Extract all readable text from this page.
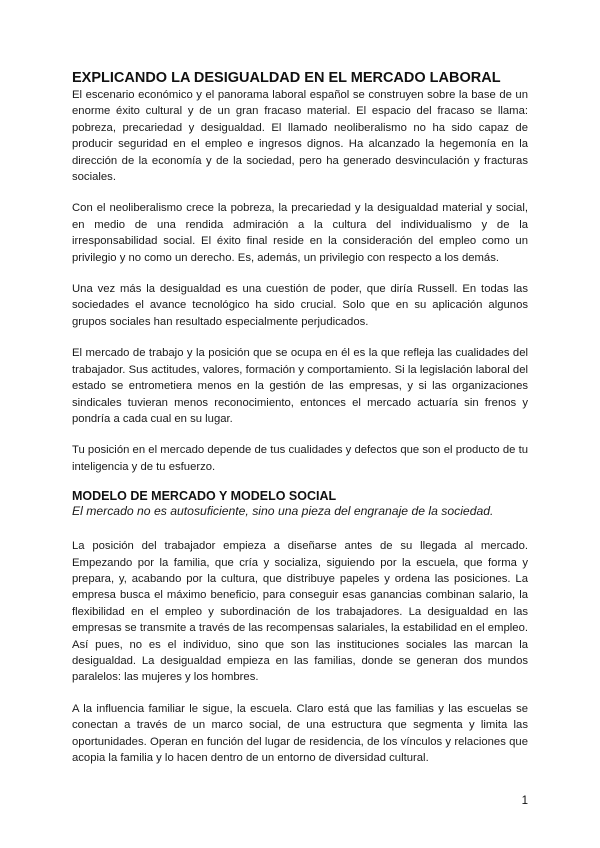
EXPLICANDO LA DESIGUALDAD EN EL MERCADO LABORAL

El escenario económico y el panorama laboral español se construyen sobre la base de un enorme éxito cultural y de un gran fracaso material. El espacio del fracaso se llama: pobreza, precariedad y desigualdad. El llamado neoliberalismo no ha sido capaz de producir seguridad en el empleo e ingresos dignos. Ha alcanzado la hegemonía en la dirección de la economía y de la sociedad, pero ha generado desvinculación y fracturas sociales.

Con el neoliberalismo crece la pobreza, la precariedad y la desigualdad material y social, en medio de una rendida admiración a la cultura del individualismo y de la irresponsabilidad social. El éxito final reside en la consideración del empleo como un privilegio y no como un derecho. Es, además, un privilegio con respecto a los demás.

Una vez más la desigualdad es una cuestión de poder, que diría Russell. En todas las sociedades el avance tecnológico ha sido crucial. Solo que en su aplicación algunos grupos sociales han resultado especialmente perjudicados.

El mercado de trabajo y la posición que se ocupa en él es la que refleja las cualidades del trabajador. Sus actitudes, valores, formación y comportamiento. Si la legislación laboral del estado se entrometiera menos en la gestión de las empresas, y si las organizaciones sindicales tuvieran menos reconocimiento, entonces el mercado actuaría sin frenos y pondría a cada cual en su lugar.

Tu posición en el mercado depende de tus cualidades y defectos que son el producto de tu inteligencia y de tu esfuerzo.

MODELO DE MERCADO Y MODELO SOCIAL

El mercado no es autosuficiente, sino una pieza del engranaje de la sociedad.

La posición del trabajador empieza a diseñarse antes de su llegada al mercado. Empezando por la familia, que cría y socializa, siguiendo por la escuela, que forma y prepara, y, acabando por la cultura, que distribuye papeles y ordena las posiciones. La empresa busca el máximo beneficio, para conseguir esas ganancias combinan salario, la flexibilidad en el empleo y subordinación de los trabajadores. La desigualdad en las empresas se transmite a través de las recompensas salariales, la estabilidad en el empleo. Así pues, no es el individuo, sino que son las instituciones sociales las marcan la desigualdad. La desigualdad empieza en las familias, donde se generan dos mundos paralelos: las mujeres y los hombres.

A la influencia familiar le sigue, la escuela. Claro está que las familias y las escuelas se conectan a través de un marco social, de una estructura que segmenta y limita las oportunidades. Operan en función del lugar de residencia, de los vínculos y relaciones que acopia la familia y lo hacen dentro de un entorno de diversidad cultural.

1
